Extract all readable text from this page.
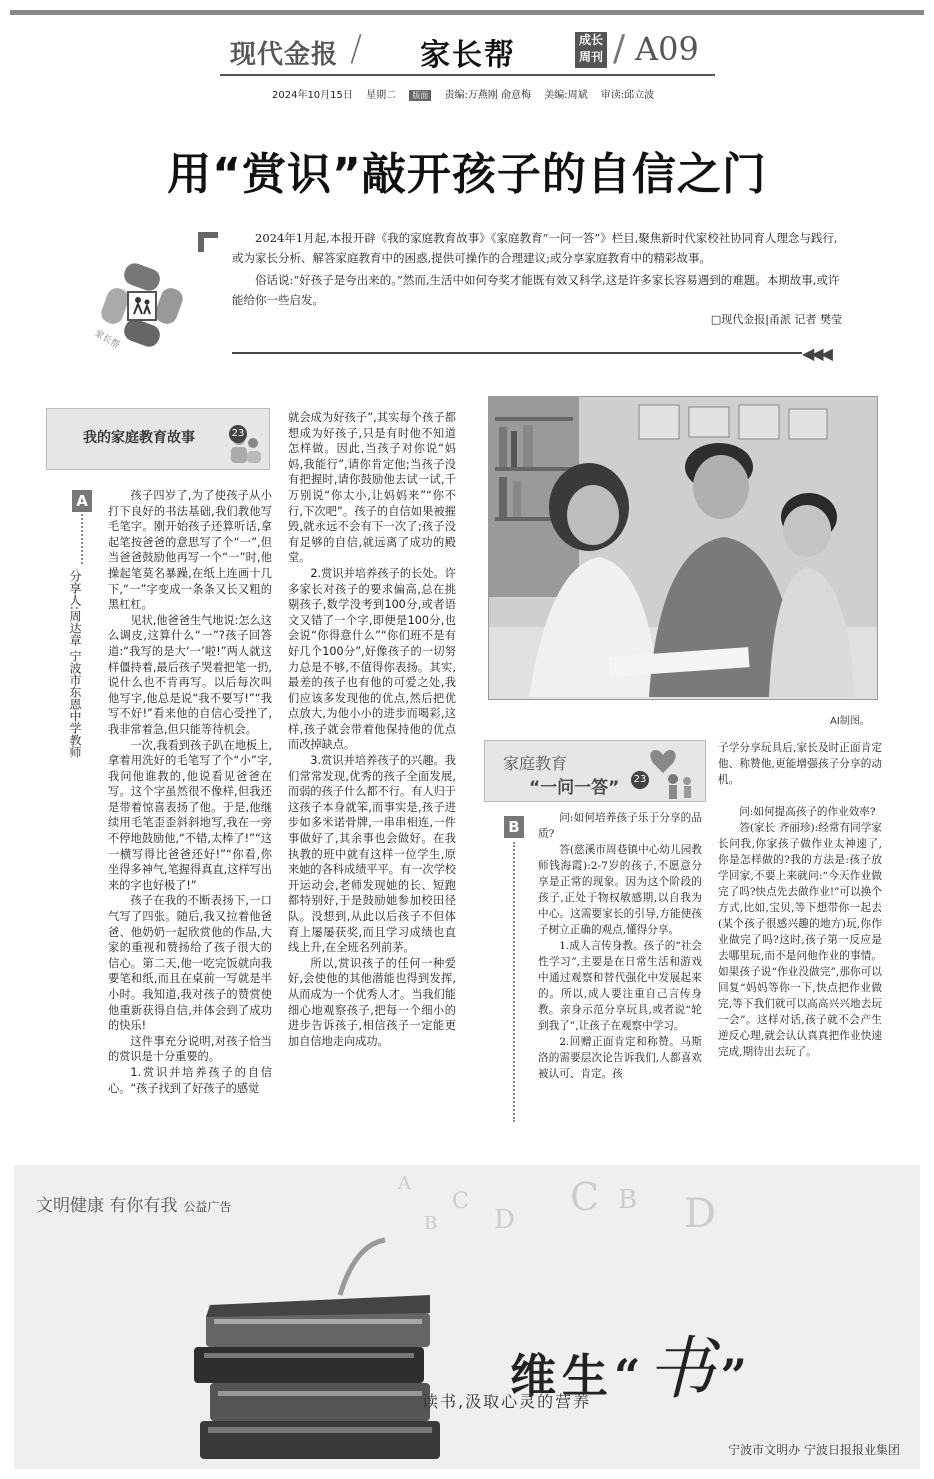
现代金报 / 家长帮	成长
周刊 / A09
2024年10月15日 星期二 版面 责编:万燕刚 俞意梅 美编:周斌 审读:邱立波
用“赏识”敲开孩子的自信之门
家长帮

2024年1月起,本报开辟《我的家庭教育故事》《家庭教育“一问一答”》栏目,聚焦新时代家校社协同育人理念与践行,或为家长分析、解答家庭教育中的困惑,提供可操作的合理建议;或分享家庭教育中的精彩故事。

俗话说:“好孩子是夸出来的。”然而,生活中如何夸奖才能既有效又科学,这是许多家长容易遇到的难题。本期故事,或许能给你一些启发。

□现代金报|甬派 记者 樊莹
◀◀◀
我的家庭教育故事	23
A
分享人:周达章 宁波市东恩中学教师

孩子四岁了,为了使孩子从小打下良好的书法基础,我们教他写毛笔字。刚开始孩子还算听话,拿起笔按爸爸的意思写了个“一”,但当爸爸鼓励他再写一个“一”时,他操起笔莫名暴躁,在纸上连画十几下,“一”字变成一条条又长又粗的黑杠杠。

见状,他爸爸生气地说:怎么这么调皮,这算什么“一”?孩子回答道:“我写的是大‘一’啦!”两人就这样僵持着,最后孩子哭着把笔一扔,说什么也不肯再写。以后每次叫他写字,他总是说“我不要写!”“我写不好!”看来他的自信心受挫了,我非常着急,但只能等待机会。

一次,我看到孩子趴在地板上,拿着用洗好的毛笔写了个“小”字,我问他谁教的,他说看见爸爸在写。这个字虽然很不像样,但我还是带着惊喜表扬了他。于是,他继续用毛笔歪歪斜斜地写,我在一旁不停地鼓励他,“不错,太棒了!”“这一横写得比爸爸还好!”“你看,你坐得多神气,笔握得真直,这样写出来的字也好极了!”

孩子在我的不断表扬下,一口气写了四张。随后,我又拉着他爸爸、他奶奶一起欣赏他的作品,大家的重视和赞扬给了孩子很大的信心。第二天,他一吃完饭就向我要笔和纸,而且在桌前一写就是半小时。我知道,我对孩子的赞赏使他重新获得自信,并体会到了成功的快乐!

这件事充分说明,对孩子恰当的赏识是十分重要的。

1.赏识并培养孩子的自信心。“孩子找到了好孩子的感觉

就会成为好孩子”,其实每个孩子都想成为好孩子,只是有时他不知道怎样做。因此,当孩子对你说“妈妈,我能行”,请你肯定他;当孩子没有把握时,请你鼓励他去试一试,千万别说“你太小,让妈妈来”“你不行,下次吧”。孩子的自信如果被摧毁,就永远不会有下一次了;孩子没有足够的自信,就远离了成功的殿堂。

2.赏识并培养孩子的长处。许多家长对孩子的要求偏高,总在挑剔孩子,数学没考到100分,或者语文又错了一个字,即便是100分,也会说“你得意什么”“你们班不是有好几个100分”,好像孩子的一切努力总是不够,不值得你表扬。其实,最差的孩子也有他的可爱之处,我们应该多发现他的优点,然后把优点放大,为他小小的进步而喝彩,这样,孩子就会带着他保持他的优点而改掉缺点。

3.赏识并培养孩子的兴趣。我们常常发现,优秀的孩子全面发展,而弱的孩子什么都不行。有人归于这孩子本身就笨,而事实是,孩子进步如多米诺骨牌,一串串相连,一件事做好了,其余事也会做好。在我执教的班中就有这样一位学生,原来她的各科成绩平平。有一次学校开运动会,老师发现她的长、短跑都特别好,于是鼓励她参加校田径队。没想到,从此以后孩子不但体育上屡屡获奖,而且学习成绩也直线上升,在全班名列前茅。

所以,赏识孩子的任何一种爱好,会使他的其他潜能也得到发挥,从而成为一个优秀人才。当我们能细心地观察孩子,把每一个细小的进步告诉孩子,相信孩子一定能更加自信地走向成功。

AI制图。
家庭教育
“一问一答” 23
B	问:如何培养孩子乐于分享的品质?

答(慈溪市周巷镇中心幼儿园教师钱海霞):2-7岁的孩子,不愿意分享是正常的现象。因为这个阶段的孩子,正处于物权敏感期,以自我为中心。这需要家长的引导,方能使孩子树立正确的观点,懂得分享。

1.成人言传身教。孩子的“社会性学习”,主要是在日常生活和游戏中通过观察和替代强化中发展起来的。所以,成人要注重自己言传身教。亲身示范分享玩具,或者说“轮到我了”,让孩子在观察中学习。

2.回赠正面肯定和称赞。马斯洛的需要层次论告诉我们,人都喜欢被认可、肯定。孩

子学分享玩具后,家长及时正面肯定他、称赞他,更能增强孩子分享的动机。

问:如何提高孩子的作业效率?

答(家长 齐丽珍):经常有同学家长问我,你家孩子做作业太神速了,你是怎样做的?我的方法是:孩子放学回家,不要上来就问:“今天作业做完了吗?快点先去做作业!”可以换个方式,比如,宝贝,等下想带你一起去(某个孩子很感兴趣的地方)玩,你作业做完了吗?这时,孩子第一反应是去哪里玩,而不是问他作业的事情。如果孩子说“作业没做完”,那你可以回复“妈妈等你一下,快点把作业做完,等下我们就可以高高兴兴地去玩一会”。这样对话,孩子就不会产生逆反心理,就会认认真真把作业快速完成,期待出去玩了。

文明健康 有你有我 公益广告
A
B
C
D
C B D
维生“书”
读书,汲取心灵的营养
宁波市文明办 宁波日报报业集团
